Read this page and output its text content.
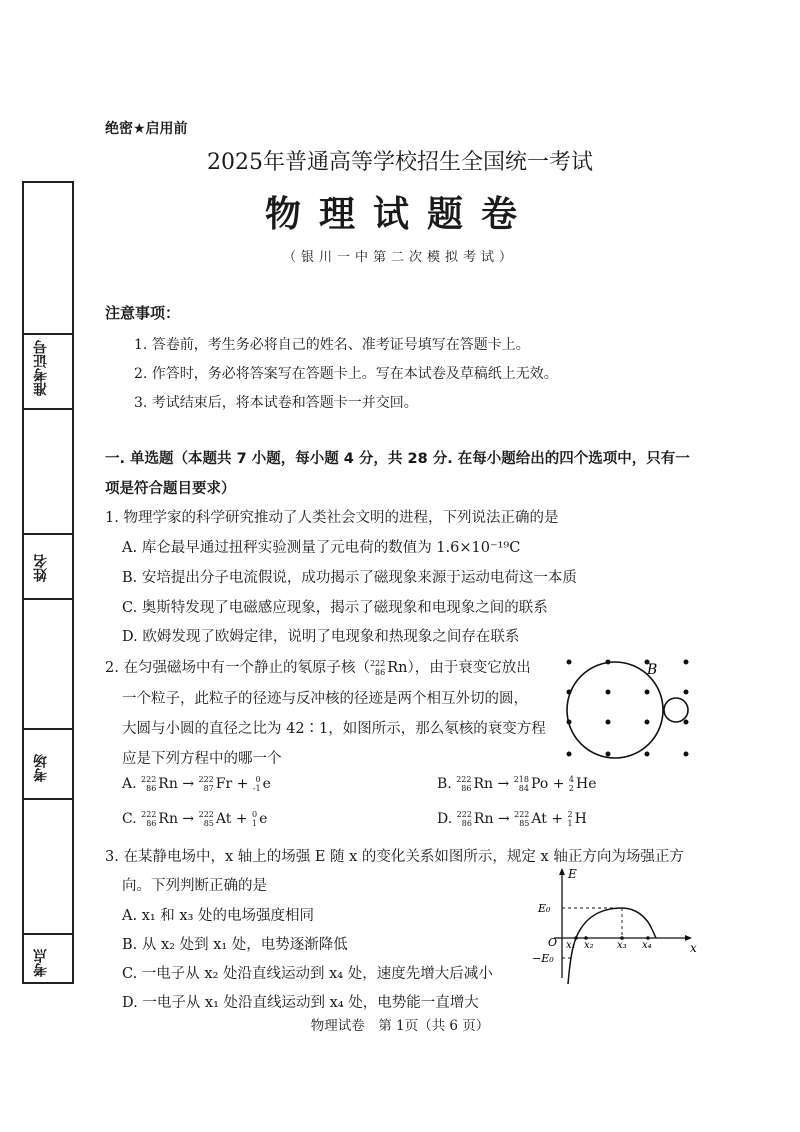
绝密★启用前
2025年普通高等学校招生全国统一考试
物理试题卷
（银川一中第二次模拟考试）
准考证号
姓名
考场
考点
注意事项：
1. 答卷前，考生务必将自己的姓名、准考证号填写在答题卡上。
2. 作答时，务必将答案写在答题卡上。写在本试卷及草稿纸上无效。
3. 考试结束后，将本试卷和答题卡一并交回。
一. 单选题（本题共 7 小题，每小题 4 分，共 28 分. 在每小题给出的四个选项中，只有一
项是符合题目要求）
1. 物理学家的科学研究推动了人类社会文明的进程，下列说法正确的是
A. 库仑最早通过扭秤实验测量了元电荷的数值为 1.6×10⁻¹⁹C
B. 安培提出分子电流假说，成功揭示了磁现象来源于运动电荷这一本质
C. 奥斯特发现了电磁感应现象，揭示了磁现象和电现象之间的联系
D. 欧姆发现了欧姆定律，说明了电现象和热现象之间存在联系
2. 在匀强磁场中有一个静止的氡原子核（222
86 Rn），由于衰变它放出
一个粒子，此粒子的径迹与反冲核的径迹是两个相互外切的圆，
大圆与小圆的直径之比为 42∶1，如图所示，那么氡核的衰变方程
应是下列方程中的哪一个
B
A. 222
86 Rn → 222
87 Fr + 0
-1 e	B. 222
86 Rn → 218
84 Po + 4
2 He
C. 222
86 Rn → 222
85 At + 0
1 e	D. 222
86 Rn → 222
85 At + 2
1 H
3. 在某静电场中，x 轴上的场强 E 随 x 的变化关系如图所示，规定 x 轴正方向为场强正方
向。下列判断正确的是
A. x₁ 和 x₃ 处的电场强度相同
B. 从 x₂ 处到 x₁ 处，电势逐渐降低
C. 一电子从 x₂ 处沿直线运动到 x₄ 处，速度先增大后减小
D. 一电子从 x₁ 处沿直线运动到 x₄ 处，电势能一直增大
E
x
E₀
−E₀
O x₁ x₂ x₃ x₄
物理试卷　第 1页（共 6 页）
